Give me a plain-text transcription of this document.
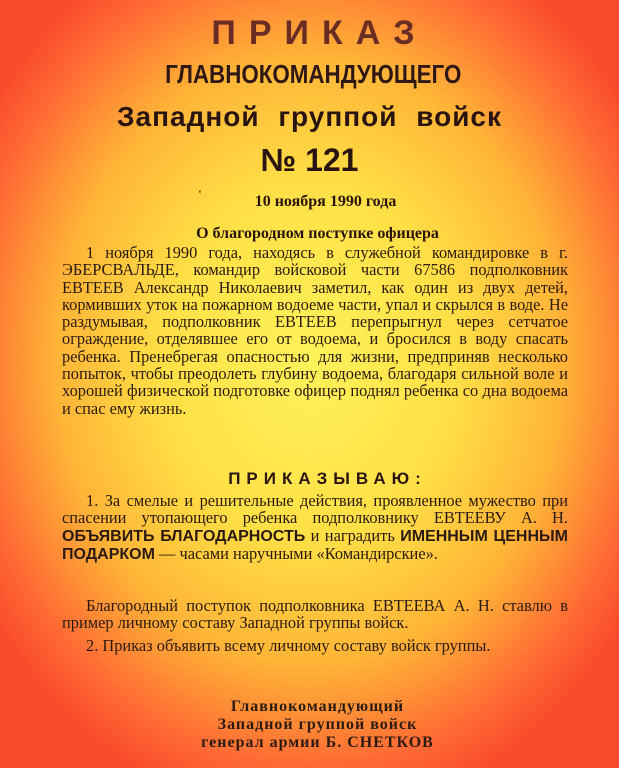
ПРИКАЗ
ГЛАВНОКОМАНДУЮЩЕГО
Западной группой войск
№ 121
‛	10 ноября 1990 года
О благородном поступке офицера
1 ноября 1990 года, находясь в служебной командировке в г. ЭБЕРСВАЛЬДЕ, командир войсковой части 67586 подполковник ЕВТЕЕВ Александр Николаевич заметил, как один из двух детей, кормивших уток на пожарном водоеме части, упал и скрылся в воде. Не раздумывая, подполковник ЕВТЕЕВ перепрыгнул через сетчатое ограждение, отделявшее его от водоема, и бросился в воду спасать ребенка. Пренебрегая опасностью для жизни, предприняв несколько попыток, чтобы преодолеть глубину водоема, благодаря сильной воле и хорошей физической подготовке офицер поднял ребенка со дна водоема и спас ему жизнь.
ПРИКАЗЫВАЮ:
1. За смелые и решительные действия, проявленное мужество при спасении утопающего ребенка подполковнику ЕВТЕЕВУ А. Н. ОБЪЯВИТЬ БЛАГОДАРНОСТЬ и наградить ИМЕННЫМ ЦЕННЫМ ПОДАРКОМ — часами наручными «Командирские».
Благородный поступок подполковника ЕВТЕЕВА А. Н. ставлю в пример личному составу Западной группы войск.
2. Приказ объявить всему личному составу войск группы.
Главнокомандующий
Западной группой войск
генерал армии Б. СНЕТКОВ
